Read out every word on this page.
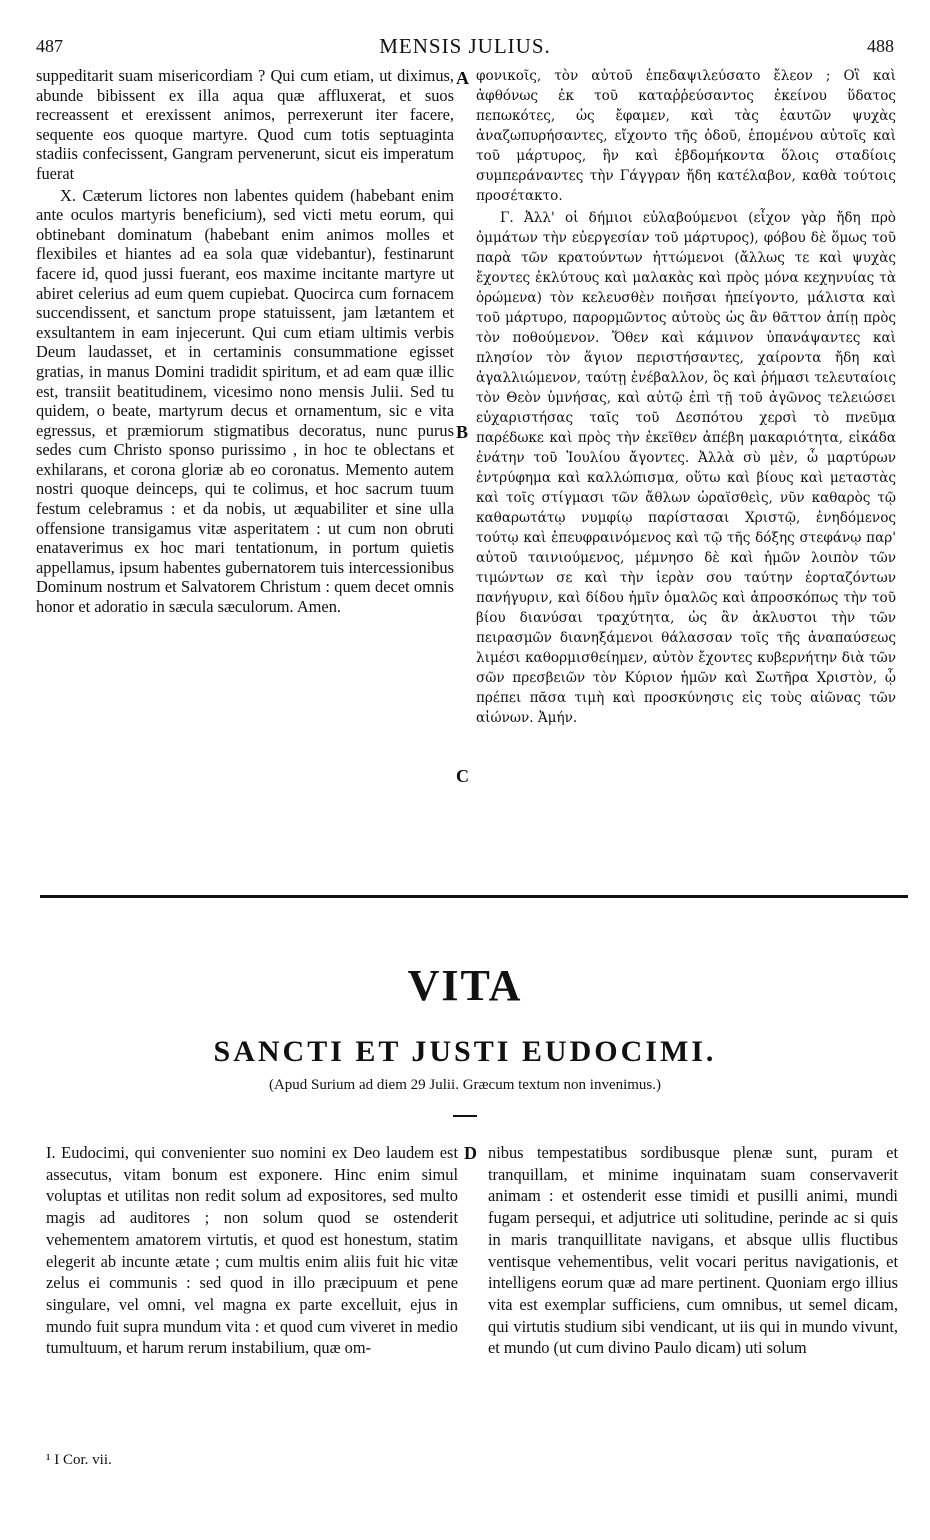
487	MENSIS JULIUS.	488

suppeditarit suam misericordiam ? Qui cum etiam, ut diximus, abunde bibissent ex illa aqua quæ affluxerat, et suos recreassent et erexissent animos, perrexerunt iter facere, sequente eos quoque martyre. Quod cum totis septuaginta stadiis confecissent, Gangram pervenerunt, sicut eis imperatum fuerat

X. Cæterum lictores non labentes quidem (habebant enim ante oculos martyris beneficium), sed victi metu eorum, qui obtinebant dominatum (habebant enim animos molles et flexibiles et hiantes ad ea sola quæ videbantur), festinarunt facere id, quod jussi fuerant, eos maxime incitante martyre ut abiret celerius ad eum quem cupiebat. Quocirca cum fornacem succendissent, et sanctum prope statuissent, jam lætantem et exsultantem in eam injecerunt. Qui cum etiam ultimis verbis Deum laudasset, et in certaminis consummatione egisset gratias, in manus Domini tradidit spiritum, et ad eam quæ illic est, transiit beatitudinem, vicesimo nono mensis Julii. Sed tu quidem, o beate, martyrum decus et ornamentum, sic e vita egressus, et præmiorum stigmatibus decoratus, nunc purus sedes cum Christo sponso purissimo , in hoc te oblectans et exhilarans, et corona gloriæ ab eo coronatus. Memento autem nostri quoque deinceps, qui te colimus, et hoc sacrum tuum festum celebramus : et da nobis, ut æquabiliter et sine ulla offensione transigamus vitæ asperitatem : ut cum non obruti enataverimus ex hoc mari tentationum, in portum quietis appellamus, ipsum habentes gubernatorem tuis intercessionibus Dominum nostrum et Salvatorem Christum : quem decet omnis honor et adoratio in sæcula sæculorum. Amen.

A
B
C

φονικοῖς, τὸν αὐτοῦ ἐπεδαψιλεύσατο ἔλεον ; Οἳ καὶ ἀφθόνως ἐκ τοῦ καταῤῥεύσαντος ἐκείνου ὕδατος πεπωκότες, ὡς ἔφαμεν, καὶ τὰς ἑαυτῶν ψυχὰς ἀναζωπυρήσαντες, εἴχοντο τῆς ὁδοῦ, ἑπομένου αὐτοῖς καὶ τοῦ μάρτυρος, ἣν καὶ ἑβδομήκοντα ὅλοις σταδίοις συμπεράναντες τὴν Γάγγραν ἤδη κατέλαβον, καθὰ τούτοις προσέτακτο.

Γ. Ἀλλ' οἱ δήμιοι εὐλαβούμενοι (εἶχον γὰρ ἤδη πρὸ ὀμμάτων τὴν εὐεργεσίαν τοῦ μάρτυρος), φόβου δὲ ὅμως τοῦ παρὰ τῶν κρατούντων ἡττώμενοι (ἄλλως τε καὶ ψυχὰς ἔχοντες ἐκλύτους καὶ μαλακὰς καὶ πρὸς μόνα κεχηνυίας τὰ ὁρώμενα) τὸν κελευσθὲν ποιῆσαι ἠπείγοντο, μάλιστα καὶ τοῦ μάρτυρο, παρορμῶντος αὐτοὺς ὡς ἂν θᾶττον ἀπίῃ πρὸς τὸν ποθούμενον. Ὅθεν καὶ κάμινον ὑπανάψαντες καὶ πλησίον τὸν ἅγιον περιστήσαντες, χαίροντα ἤδη καὶ ἀγαλλιώμενον, ταύτῃ ἐνέβαλλον, ὃς καὶ ῥήμασι τελευταίοις τὸν Θεὸν ὑμνήσας, καὶ αὐτῷ ἐπὶ τῇ τοῦ ἀγῶνος τελειώσει εὐχαριστήσας ταῖς τοῦ Δεσπότου χερσὶ τὸ πνεῦμα παρέδωκε καὶ πρὸς τὴν ἐκεῖθεν ἀπέβη μακαριότητα, εἰκάδα ἐνάτην τοῦ Ἰουλίου ἄγοντες. Ἀλλὰ σὺ μὲν, ὦ μαρτύρων ἐντρύφημα καὶ καλλώπισμα, οὕτω καὶ βίους καὶ μεταστὰς καὶ τοῖς στίγμασι τῶν ἄθλων ὡραϊσθεὶς, νῦν καθαρὸς τῷ καθαρωτάτῳ νυμφίῳ παρίστασαι Χριστῷ, ἐνηδόμενος τούτῳ καὶ ἐπευφραινόμενος καὶ τῷ τῆς δόξης στεφάνῳ παρ' αὐτοῦ ταινιούμενος, μέμνησο δὲ καὶ ἡμῶν λοιπὸν τῶν τιμώντων σε καὶ τὴν ἱερὰν σου ταύτην ἑορταζόντων πανήγυριν, καὶ δίδου ἡμῖν ὁμαλῶς καὶ ἀπροσκόπως τὴν τοῦ βίου διανύσαι τραχύτητα, ὡς ἂν ἀκλυστοι τὴν τῶν πειρασμῶν διανηξάμενοι θάλασσαν τοῖς τῆς ἀναπαύσεως λιμέσι καθορμισθείημεν, αὐτὸν ἔχοντες κυβερνήτην διὰ τῶν σῶν πρεσβειῶν τὸν Κύριον ἡμῶν καὶ Σωτῆρα Χριστὸν, ᾧ πρέπει πᾶσα τιμὴ καὶ προσκύνησις εἰς τοὺς αἰῶνας τῶν αἰώνων. Ἀμήν.

VITA
SANCTI ET JUSTI EUDOCIMI.
(Apud Surium ad diem 29 Julii. Græcum textum non invenimus.)

I. Eudocimi, qui convenienter suo nomini ex Deo laudem est assecutus, vitam bonum est exponere. Hinc enim simul voluptas et utilitas non redit solum ad expositores, sed multo magis ad auditores ; non solum quod se ostenderit vehementem amatorem virtutis, et quod est honestum, statim elegerit ab incunte ætate ; cum multis enim aliis fuit hic vitæ zelus ei communis : sed quod in illo præcipuum et pene singulare, vel omni, vel magna ex parte excelluit, ejus in mundo fuit supra mundum vita : et quod cum viveret in medio tumultuum, et harum rerum instabilium, quæ om-

D nibus tempestatibus sordibusque plenæ sunt, puram et tranquillam, et minime inquinatam suam conservaverit animam : et ostenderit esse timidi et pusilli animi, mundi fugam persequi, et adjutrice uti solitudine, perinde ac si quis in maris tranquillitate navigans, et absque ullis fluctibus ventisque vehementibus, velit vocari peritus navigationis, et intelligens eorum quæ ad mare pertinent. Quoniam ergo illius vita est exemplar sufficiens, cum omnibus, ut semel dicam, qui virtutis studium sibi vendicant, ut iis qui in mundo vivunt, et mundo (ut cum divino Paulo dicam) uti solum

¹ I Cor. vii.
